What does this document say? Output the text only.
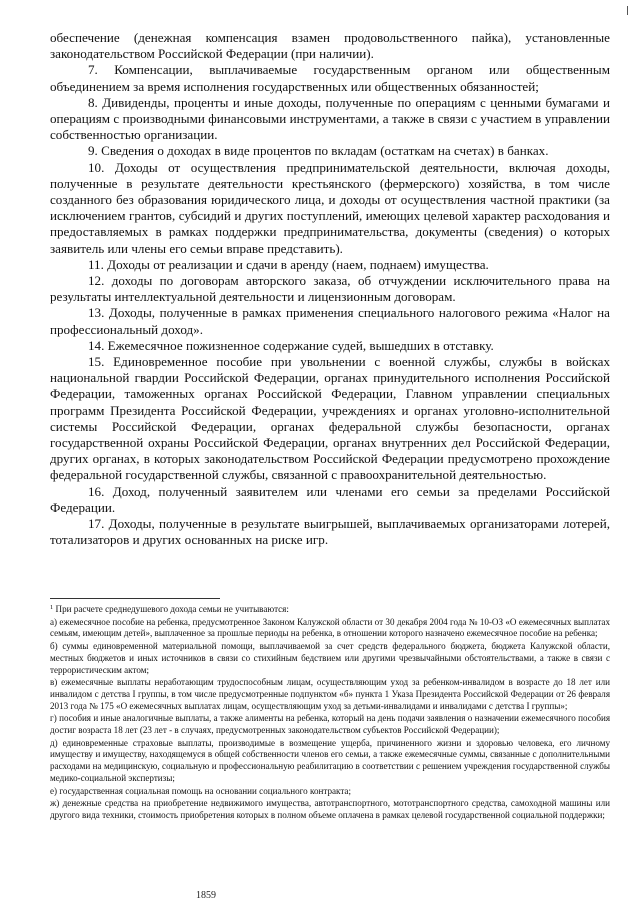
обеспечение (денежная компенсация взамен продовольственного пайка), установленные законодательством Российской Федерации (при наличии).

7. Компенсации, выплачиваемые государственным органом или общественным объединением за время исполнения государственных или общественных обязанностей;

8. Дивиденды, проценты и иные доходы, полученные по операциям с ценными бумагами и операциям с производными финансовыми инструментами, а также в связи с участием в управлении собственностью организации.

9. Сведения о доходах в виде процентов по вкладам (остаткам на счетах) в банках.

10. Доходы от осуществления предпринимательской деятельности, включая доходы, полученные в результате деятельности крестьянского (фермерского) хозяйства, в том числе созданного без образования юридического лица, и доходы от осуществления частной практики (за исключением грантов, субсидий и других поступлений, имеющих целевой характер расходования и предоставляемых в рамках поддержки предпринимательства, документы (сведения) о которых заявитель или члены его семьи вправе представить).

11. Доходы от реализации и сдачи в аренду (наем, поднаем) имущества.

12. доходы по договорам авторского заказа, об отчуждении исключительного права на результаты интеллектуальной деятельности и лицензионным договорам.

13. Доходы, полученные в рамках применения специального налогового режима «Налог на профессиональный доход».

14. Ежемесячное пожизненное содержание судей, вышедших в отставку.

15. Единовременное пособие при увольнении с военной службы, службы в войсках национальной гвардии Российской Федерации, органах принудительного исполнения Российской Федерации, таможенных органах Российской Федерации, Главном управлении специальных программ Президента Российской Федерации, учреждениях и органах уголовно-исполнительной системы Российской Федерации, органах федеральной службы безопасности, органах государственной охраны Российской Федерации, органах внутренних дел Российской Федерации, других органах, в которых законодательством Российской Федерации предусмотрено прохождение федеральной государственной службы, связанной с правоохранительной деятельностью.

16. Доход, полученный заявителем или членами его семьи за пределами Российской Федерации.

17. Доходы, полученные в результате выигрышей, выплачиваемых организаторами лотерей, тотализаторов и других основанных на риске игр.

$^1$ При расчете среднедушевого дохода семьи не учитываются:

а) ежемесячное пособие на ребенка, предусмотренное Законом Калужской области от 30 декабря 2004 года № 10-ОЗ «О ежемесячных выплатах семьям, имеющим детей», выплаченное за прошлые периоды на ребенка, в отношении которого назначено ежемесячное пособие на ребенка;

б) суммы единовременной материальной помощи, выплачиваемой за счет средств федерального бюджета, бюджета Калужской области, местных бюджетов и иных источников в связи со стихийным бедствием или другими чрезвычайными обстоятельствами, а также в связи с террористическим актом;

в) ежемесячные выплаты неработающим трудоспособным лицам, осуществляющим уход за ребенком-инвалидом в возрасте до 18 лет или инвалидом с детства I группы, в том числе предусмотренные подпунктом «б» пункта 1 Указа Президента Российской Федерации от 26 февраля 2013 года № 175 «О ежемесячных выплатах лицам, осуществляющим уход за детьми-инвалидами и инвалидами с детства I группы»;

г) пособия и иные аналогичные выплаты, а также алименты на ребенка, который на день подачи заявления о назначении ежемесячного пособия достиг возраста 18 лет (23 лет - в случаях, предусмотренных законодательством субъектов Российской Федерации);

д) единовременные страховые выплаты, производимые в возмещение ущерба, причиненного жизни и здоровью человека, его личному имуществу и имуществу, находящемуся в общей собственности членов его семьи, а также ежемесячные суммы, связанные с дополнительными расходами на медицинскую, социальную и профессиональную реабилитацию в соответствии с решением учреждения государственной службы медико-социальной экспертизы;

е) государственная социальная помощь на основании социального контракта;

ж) денежные средства на приобретение недвижимого имущества, автотранспортного, мототранспортного средства, самоходной машины или другого вида техники, стоимость приобретения которых в полном объеме оплачена в рамках целевой государственной социальной поддержки;

1859
